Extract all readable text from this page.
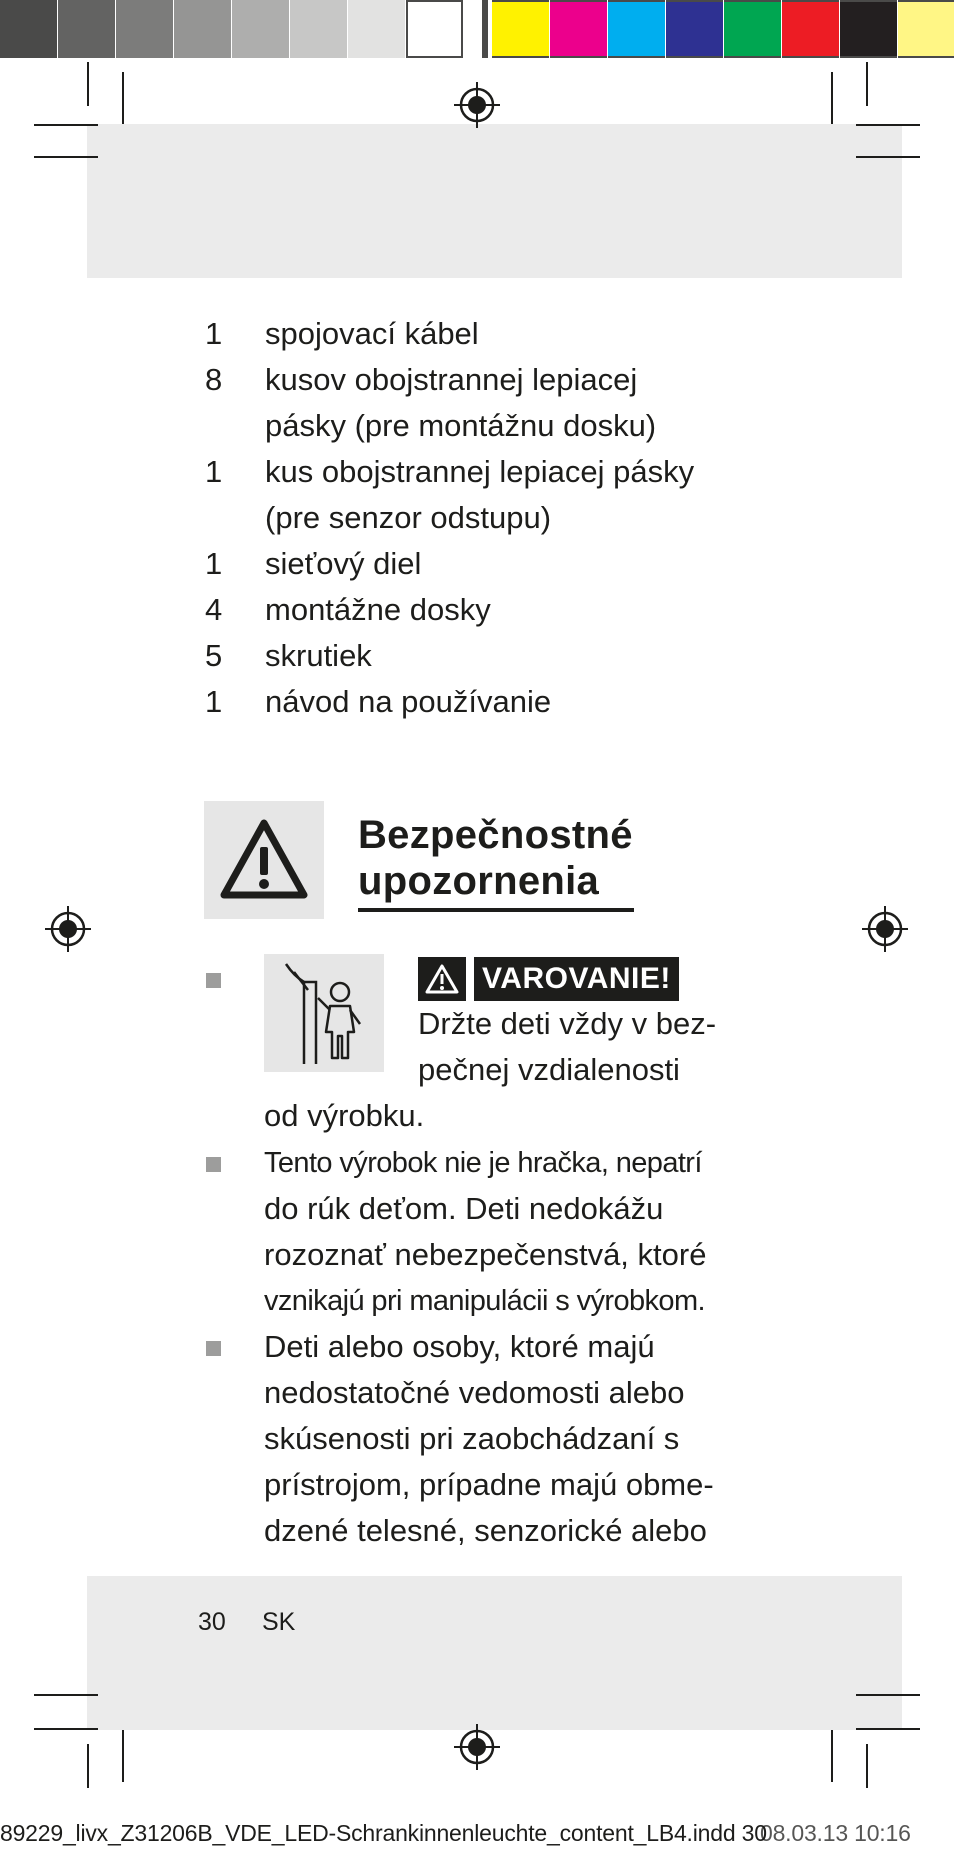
1	spojovací kábel
8	kusov obojstrannej lepiacej
pásky (pre montážnu dosku)
1	kus obojstrannej lepiacej pásky
(pre senzor odstupu)
1	sieťový diel
4	montážne dosky
5	skrutiek
1	návod na používanie
Bezpečnostné
upozornenia
VAROVANIE!
Držte deti vždy v bez-
pečnej vzdialenosti
od výrobku.
Tento výrobok nie je hračka, nepatrí
do rúk deťom. Deti nedokážu
rozoznať nebezpečenstvá, ktoré
vznikajú pri manipulácii s výrobkom.
Deti alebo osoby, ktoré majú
nedostatočné vedomosti alebo
skúsenosti pri zaobchádzaní s
prístrojom, prípadne majú obme-
dzené telesné, senzorické alebo
30 SK
89229_livx_Z31206B_VDE_LED-Schrankinnenleuchte_content_LB4.indd 30
08.03.13 10:16
